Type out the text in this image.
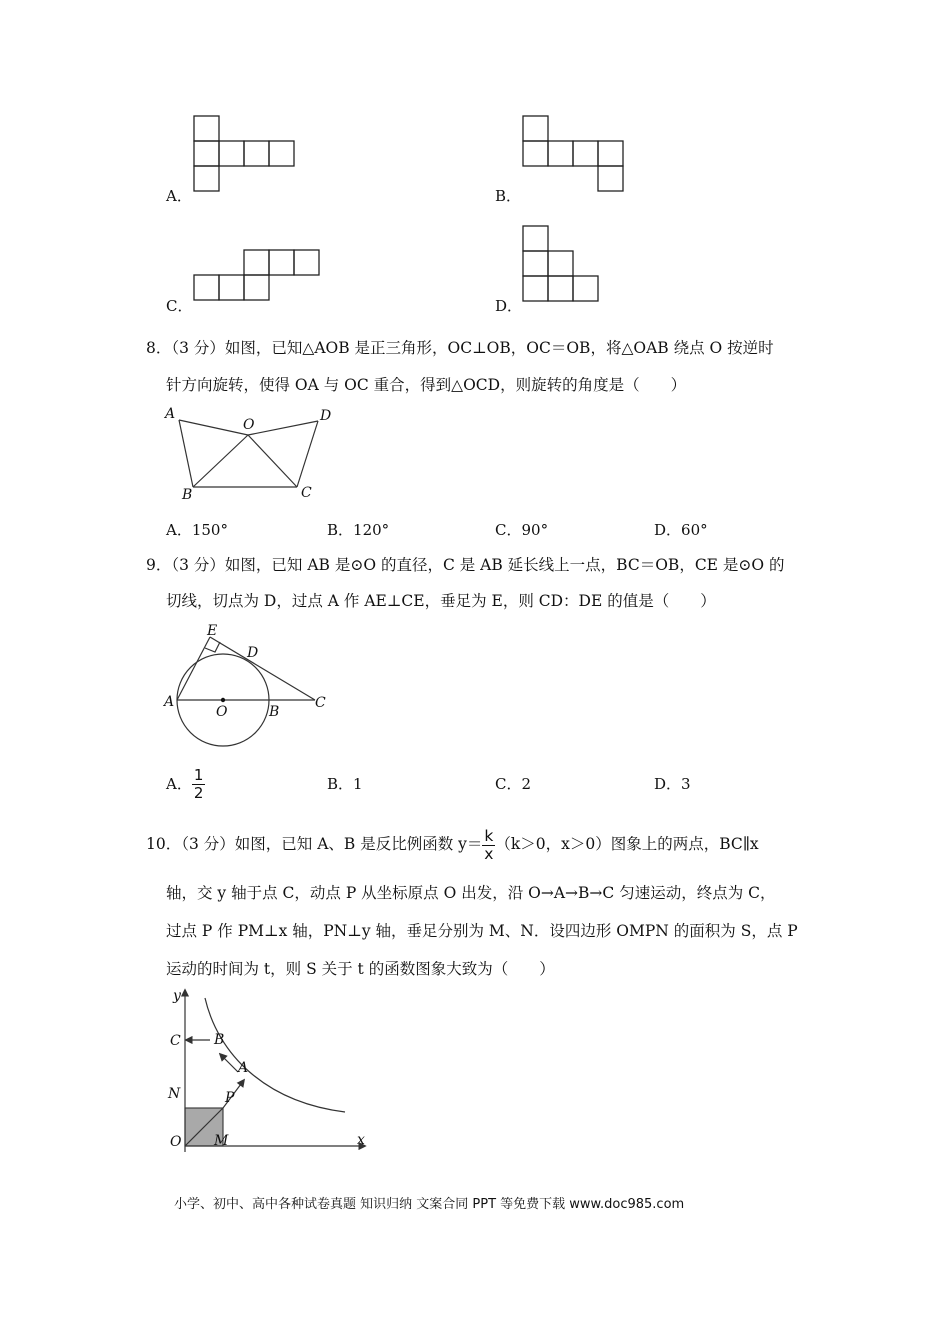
A．	B．
C．	D．
8．（3 分）如图，已知△AOB 是正三角形，OC⊥OB，OC＝OB，将△OAB 绕点 O 按逆时
针方向旋转，使得 OA 与 OC 重合，得到△OCD，则旋转的角度是（　　）
A
O
D
B	C
A．150°	B．120°	C．90°	D．60°
9．（3 分）如图，已知 AB 是⊙O 的直径，C 是 AB 延长线上一点，BC＝OB，CE 是⊙O 的
切线，切点为 D，过点 A 作 AE⊥CE，垂足为 E，则 CD：DE 的值是（　　）
E
D
A
O	B
C
A． $\frac{1}{2}$	B．1	C．2	D．3
10．（3 分）如图，已知 A、B 是反比例函数 $y= \frac{k}{x} (k>0$，x＞0）图象上的两点，BC∥x
轴，交 y 轴于点 C，动点 P 从坐标原点 O 出发，沿 O→A→B→C 匀速运动，终点为 C，
过点 P 作 PM⊥x 轴，PN⊥y 轴，垂足分别为 M、N．设四边形 OMPN 的面积为 S，点 P
运动的时间为 t，则 S 关于 t 的函数图象大致为（　　）
y
x
C B
A
N	P
O M
小学、初中、高中各种试卷真题 知识归纳 文案合同 PPT 等免费下载 www.doc985.com
